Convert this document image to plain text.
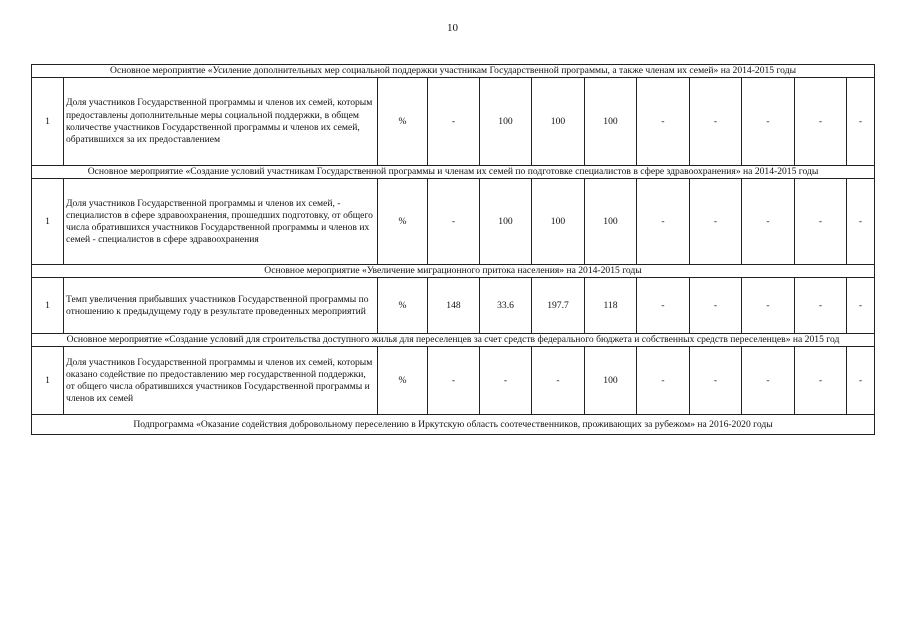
10
Основное мероприятие «Усиление дополнительных мер социальной поддержки участникам Государственной программы, а также членам их семей» на 2014-2015 годы											
1	Доля участников Государственной программы и членов их семей, которым предоставлены дополнительные меры социальной поддержки, в общем количестве участников Государственной программы и членов их семей, обратившихся за их предоставлением	%	-	100	100	100	-	-	-	-	-
Основное мероприятие «Создание условий участникам Государственной программы и членам их семей по подготовке специалистов в сфере здравоохранения» на 2014-2015 годы											
1	Доля участников Государственной программы и членов их семей, - специалистов в сфере здравоохранения, прошедших подготовку, от общего числа обратившихся участников Государственной программы и членов их семей - специалистов в сфере здравоохранения	%	-	100	100	100	-	-	-	-	-
Основное мероприятие «Увеличение миграционного притока населения» на 2014-2015 годы											
1	Темп увеличения прибывших участников Государственной программы по отношению к предыдущему году в результате проведенных мероприятий	%	148	33.6	197.7	118	-	-	-	-	-
Основное мероприятие «Создание условий для строительства доступного жилья для переселенцев за счет средств федерального бюджета и собственных средств переселенцев» на 2015 год											
1	Доля участников Государственной программы и членов их семей, которым оказано содействие по предоставлению мер государственной поддержки, от общего числа обратившихся участников Государственной программы и членов их семей	%	-	-	-	100	-	-	-	-	-
Подпрограмма «Оказание содействия добровольному переселению в Иркутскую область соотечественников, проживающих за рубежом» на 2016-2020 годы											
